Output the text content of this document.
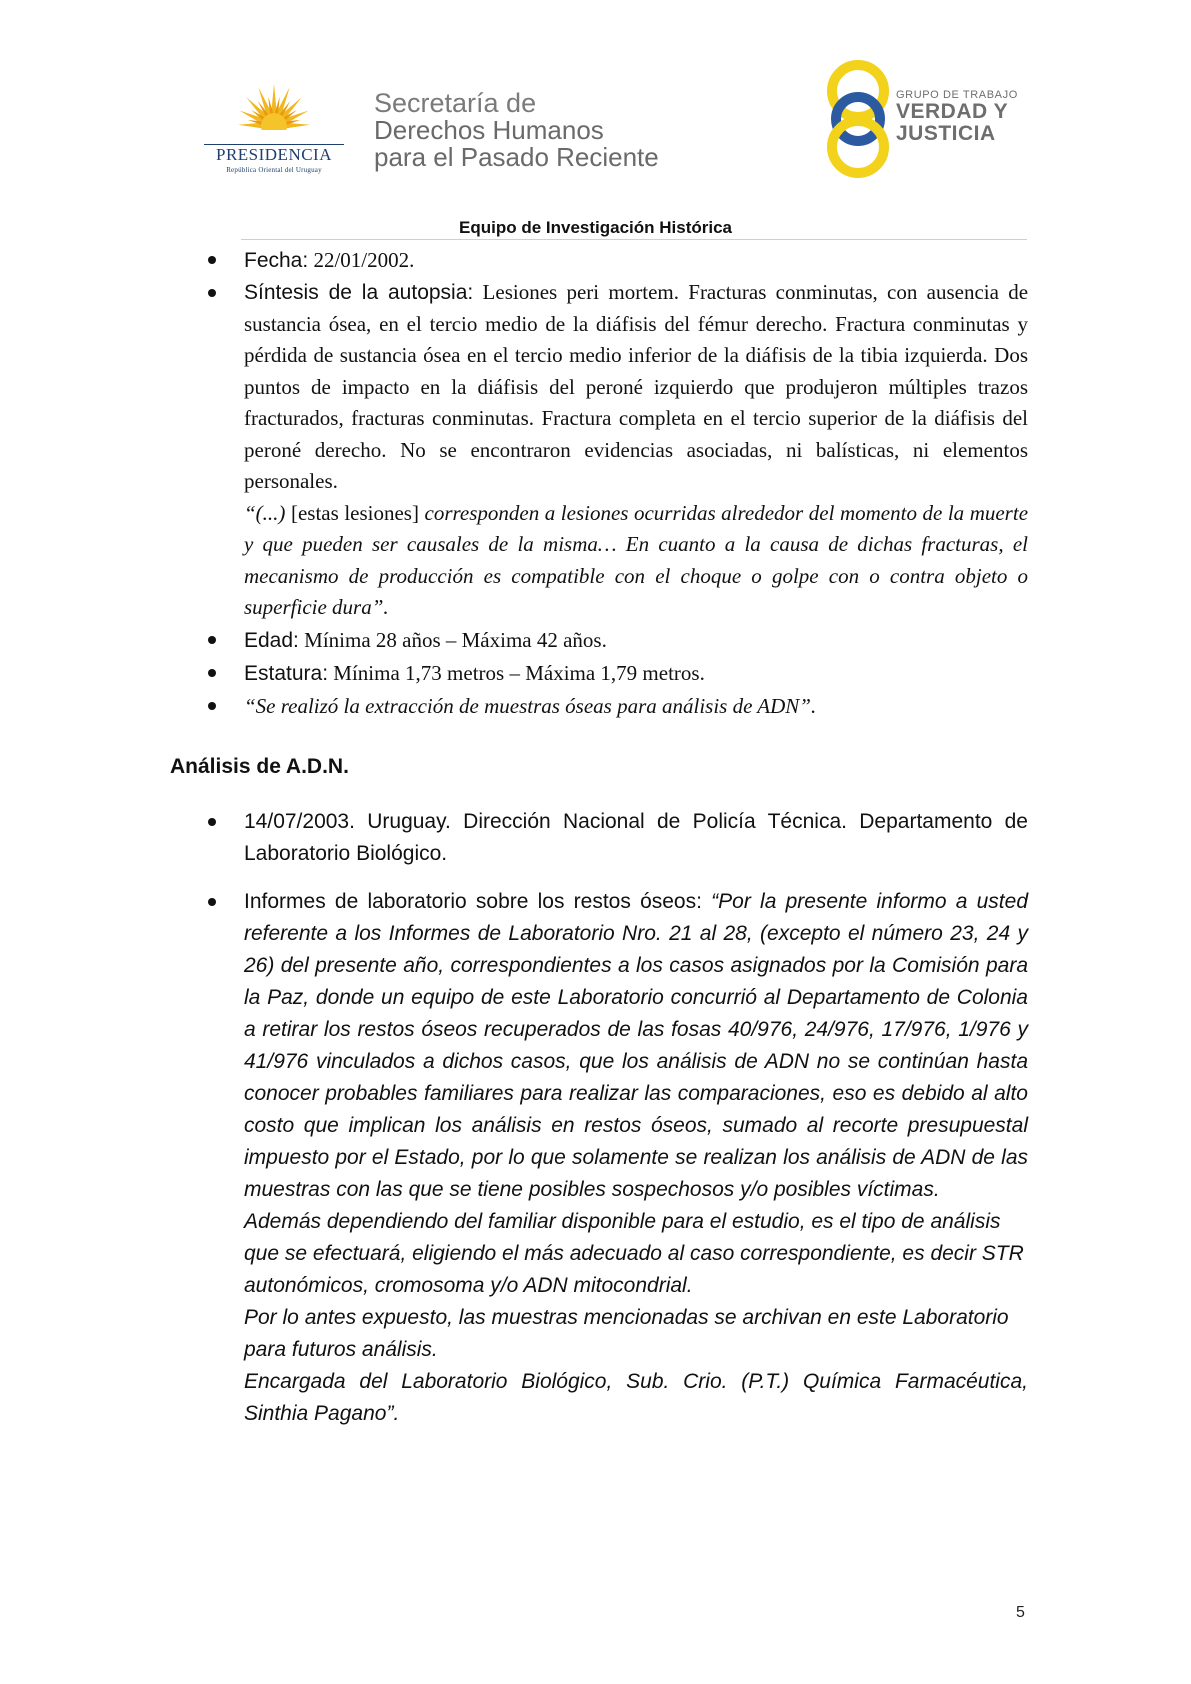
PRESIDENCIA
República Oriental del Uruguay
Secretaría de
Derechos Humanos
para el Pasado Reciente
GRUPO DE TRABAJO
VERDAD Y
JUSTICIA
Equipo de Investigación Histórica
Fecha: 22/01/2002.
Síntesis de la autopsia: Lesiones peri mortem. Fracturas conminutas, con ausencia de sustancia ósea, en el tercio medio de la diáfisis del fémur derecho. Fractura conminutas y pérdida de sustancia ósea en el tercio medio inferior de la diáfisis de la tibia izquierda. Dos puntos de impacto en la diáfisis del peroné izquierdo que produjeron múltiples trazos fracturados, fracturas conminutas. Fractura completa en el tercio superior de la diáfisis del peroné derecho. No se encontraron evidencias asociadas, ni balísticas, ni elementos personales.
“(...) [estas lesiones] corresponden a lesiones ocurridas alrededor del momento de la muerte y que pueden ser causales de la misma… En cuanto a la causa de dichas fracturas, el mecanismo de producción es compatible con el choque o golpe con o contra objeto o superficie dura”.
Edad: Mínima 28 años – Máxima 42 años.
Estatura: Mínima 1,73 metros – Máxima 1,79 metros.
“Se realizó la extracción de muestras óseas para análisis de ADN”.
Análisis de A.D.N.
14/07/2003. Uruguay. Dirección Nacional de Policía Técnica. Departamento de Laboratorio Biológico.
Informes de laboratorio sobre los restos óseos: “Por la presente informo a usted referente a los Informes de Laboratorio Nro. 21 al 28, (excepto el número 23, 24 y 26) del presente año, correspondientes a los casos asignados por la Comisión para la Paz, donde un equipo de este Laboratorio concurrió al Departamento de Colonia a retirar los restos óseos recuperados de las fosas 40/976, 24/976, 17/976, 1/976 y 41/976 vinculados a dichos casos, que los análisis de ADN no se continúan hasta conocer probables familiares para realizar las comparaciones, eso es debido al alto costo que implican los análisis en restos óseos, sumado al recorte presupuestal impuesto por el Estado, por lo que solamente se realizan los análisis de ADN de las muestras con las que se tiene posibles sospechosos y/o posibles víctimas.
Además dependiendo del familiar disponible para el estudio, es el tipo de análisis que se efectuará, eligiendo el más adecuado al caso correspondiente, es decir STR autonómicos, cromosoma y/o ADN mitocondrial.
Por lo antes expuesto, las muestras mencionadas se archivan en este Laboratorio para futuros análisis.
Encargada del Laboratorio Biológico, Sub. Crio. (P.T.) Química Farmacéutica, Sinthia Pagano”.
5
